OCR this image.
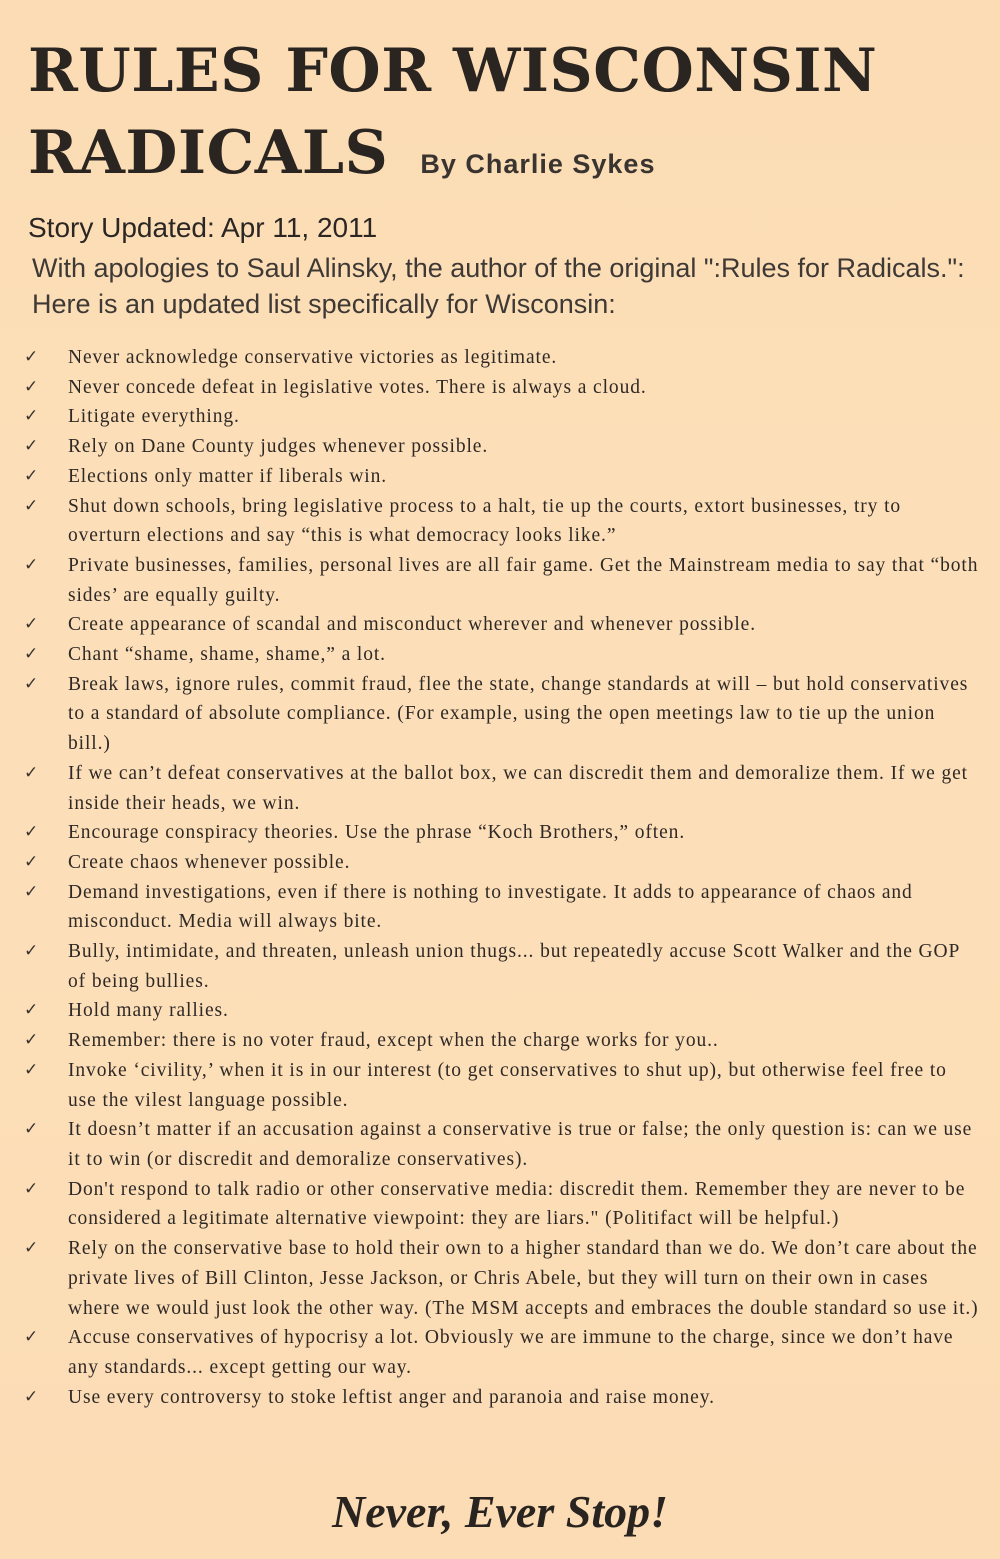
RULES FOR WISCONSIN
RADICALS By Charlie Sykes
Story Updated: Apr 11, 2011
With apologies to Saul Alinsky, the author of the original ":Rules for Radicals.": Here is an updated list specifically for Wisconsin:
✓ Never acknowledge conservative victories as legitimate.
✓ Never concede defeat in legislative votes. There is always a cloud.
✓ Litigate everything.
✓ Rely on Dane County judges whenever possible.
✓ Elections only matter if liberals win.
✓ Shut down schools, bring legislative process to a halt, tie up the courts, extort businesses, try to overturn elections and say “this is what democracy looks like.”
✓ Private businesses, families, personal lives are all fair game. Get the Mainstream media to say that “both sides’ are equally guilty.
✓ Create appearance of scandal and misconduct wherever and whenever possible.
✓ Chant “shame, shame, shame,” a lot.
✓ Break laws, ignore rules, commit fraud, flee the state, change standards at will – but hold conservatives to a standard of absolute compliance. (For example, using the open meetings law to tie up the union bill.)
✓ If we can’t defeat conservatives at the ballot box, we can discredit them and demoralize them. If we get inside their heads, we win.
✓ Encourage conspiracy theories. Use the phrase “Koch Brothers,” often.
✓ Create chaos whenever possible.
✓ Demand investigations, even if there is nothing to investigate. It adds to appearance of chaos and misconduct. Media will always bite.
✓ Bully, intimidate, and threaten, unleash union thugs... but repeatedly accuse Scott Walker and the GOP of being bullies.
✓ Hold many rallies.
✓ Remember: there is no voter fraud, except when the charge works for you..
✓ Invoke ‘civility,’ when it is in our interest (to get conservatives to shut up), but otherwise feel free to use the vilest language possible.
✓ It doesn’t matter if an accusation against a conservative is true or false; the only question is: can we use it to win (or discredit and demoralize conservatives).
✓ Don't respond to talk radio or other conservative media: discredit them. Remember they are never to be considered a legitimate alternative viewpoint: they are liars." (Politifact will be helpful.)
✓ Rely on the conservative base to hold their own to a higher standard than we do. We don’t care about the private lives of Bill Clinton, Jesse Jackson, or Chris Abele, but they will turn on their own in cases where we would just look the other way. (The MSM accepts and embraces the double standard so use it.)
✓ Accuse conservatives of hypocrisy a lot. Obviously we are immune to the charge, since we don’t have any standards... except getting our way.
✓ Use every controversy to stoke leftist anger and paranoia and raise money.
Never, Ever Stop!
